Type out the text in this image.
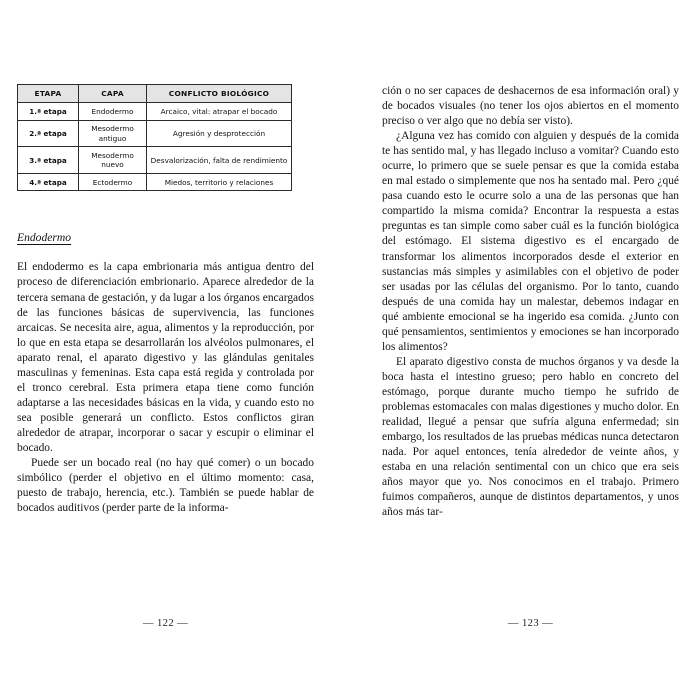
ETAPA	CAPA	CONFLICTO BIOLÓGICO
1.ª etapa	Endodermo	Arcaico, vital: atrapar el bocado
2.ª etapa	Mesodermo antiguo	Agresión y desprotección
3.ª etapa	Mesodermo nuevo	Desvalorización, falta de rendimiento
4.ª etapa	Ectodermo	Miedos, territorio y relaciones
Endodermo

El endodermo es la capa embrionaria más antigua dentro del proceso de diferenciación embrionario. Aparece alrededor de la tercera semana de gestación, y da lugar a los órganos encargados de las funciones básicas de supervivencia, las funciones arcaicas. Se necesita aire, agua, alimentos y la reproducción, por lo que en esta etapa se desarrollarán los alvéolos pulmonares, el aparato renal, el aparato digestivo y las glándulas genitales masculinas y femeninas. Esta capa está regida y controlada por el tronco cerebral. Esta primera etapa tiene como función adaptarse a las necesidades básicas en la vida, y cuando esto no sea posible generará un conflicto. Estos conflictos giran alrededor de atrapar, incorporar o sacar y escupir o eliminar el bocado.

Puede ser un bocado real (no hay qué comer) o un bocado simbólico (perder el objetivo en el último momento: casa, puesto de trabajo, herencia, etc.). También se puede hablar de bocados auditivos (perder parte de la informa-

ción o no ser capaces de deshacernos de esa información oral) y de bocados visuales (no tener los ojos abiertos en el momento preciso o ver algo que no debía ser visto).

¿Alguna vez has comido con alguien y después de la comida te has sentido mal, y has llegado incluso a vomitar? Cuando esto ocurre, lo primero que se suele pensar es que la comida estaba en mal estado o simplemente que nos ha sentado mal. Pero ¿qué pasa cuando esto le ocurre solo a una de las personas que han compartido la misma comida? Encontrar la respuesta a estas preguntas es tan simple como saber cuál es la función biológica del estómago. El sistema digestivo es el encargado de transformar los alimentos incorporados desde el exterior en sustancias más simples y asimilables con el objetivo de poder ser usadas por las células del organismo. Por lo tanto, cuando después de una comida hay un malestar, debemos indagar en qué ambiente emocional se ha ingerido esa comida. ¿Junto con qué pensamientos, sentimientos y emociones se han incorporado los alimentos?

El aparato digestivo consta de muchos órganos y va desde la boca hasta el intestino grueso; pero hablo en concreto del estómago, porque durante mucho tiempo he sufrido de problemas estomacales con malas digestiones y mucho dolor. En realidad, llegué a pensar que sufría alguna enfermedad; sin embargo, los resultados de las pruebas médicas nunca detectaron nada. Por aquel entonces, tenía alrededor de veinte años, y estaba en una relación sentimental con un chico que era seis años mayor que yo. Nos conocimos en el trabajo. Primero fuimos compañeros, aunque de distintos departamentos, y unos años más tar-

— 122 —	— 123 —
